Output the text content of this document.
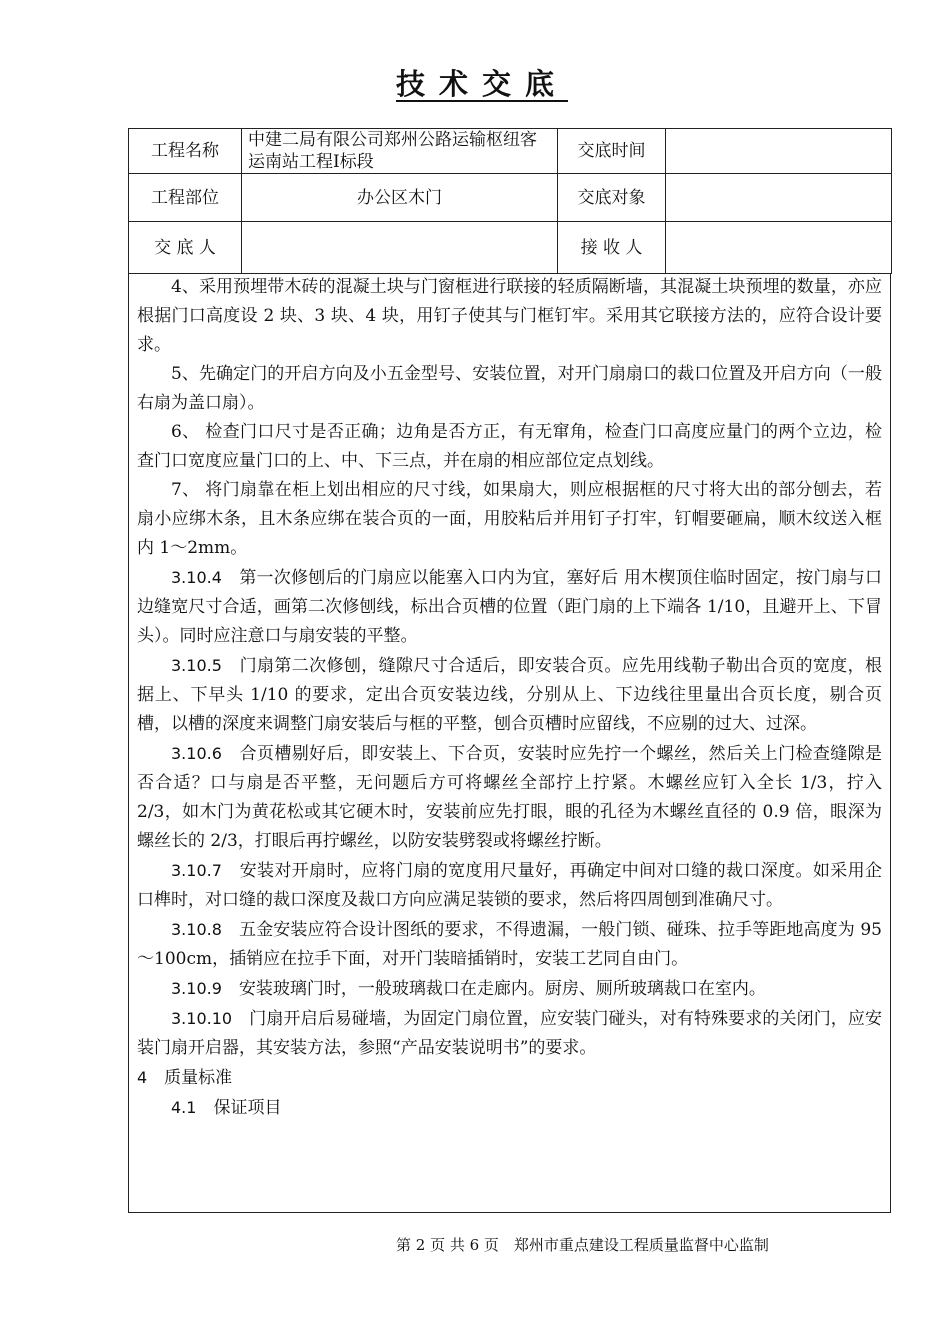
技术交底
工程名称	中建二局有限公司郑州公路运输枢纽客运南站工程Ⅰ标段	交底时间	
工程部位	办公区木门	交底对象	
交 底 人		接 收 人	

4、采用预埋带木砖的混凝土块与门窗框进行联接的轻质隔断墙，其混凝土块预埋的数量，亦应根据门口高度设 2 块、3 块、4 块，用钉子使其与门框钉牢。采用其它联接方法的，应符合设计要求。

5、先确定门的开启方向及小五金型号、安装位置，对开门扇扇口的裁口位置及开启方向（一般右扇为盖口扇）。

6、 检查门口尺寸是否正确；边角是否方正，有无窜角，检查门口高度应量门的两个立边，检查门口宽度应量门口的上、中、下三点，并在扇的相应部位定点划线。

7、 将门扇靠在柜上划出相应的尺寸线，如果扇大，则应根据框的尺寸将大出的部分刨去，若扇小应绑木条，且木条应绑在装合页的一面，用胶粘后并用钉子打牢，钉帽要砸扁，顺木纹送入框内 1～2mm。

3.10.4　第一次修刨后的门扇应以能塞入口内为宜，塞好后 用木楔顶住临时固定，按门扇与口边缝宽尺寸合适，画第二次修刨线，标出合页槽的位置（距门扇的上下端各 1/10，且避开上、下冒头）。同时应注意口与扇安装的平整。

3.10.5　门扇第二次修刨，缝隙尺寸合适后，即安装合页。应先用线勒子勒出合页的宽度，根据上、下早头 1/10 的要求，定出合页安装边线，分别从上、下边线往里量出合页长度，剔合页槽，以槽的深度来调整门扇安装后与框的平整，刨合页槽时应留线，不应剔的过大、过深。

3.10.6　合页槽剔好后，即安装上、下合页，安装时应先拧一个螺丝，然后关上门检查缝隙是否合适？口与扇是否平整，无问题后方可将螺丝全部拧上拧紧。木螺丝应钉入全长 1/3，拧入 2/3，如木门为黄花松或其它硬木时，安装前应先打眼，眼的孔径为木螺丝直径的 0.9 倍，眼深为螺丝长的 2/3，打眼后再拧螺丝，以防安装劈裂或将螺丝拧断。

3.10.7　安装对开扇时，应将门扇的宽度用尺量好，再确定中间对口缝的裁口深度。如采用企口榫时，对口缝的裁口深度及裁口方向应满足装锁的要求，然后将四周刨到准确尺寸。

3.10.8　五金安装应符合设计图纸的要求，不得遗漏，一般门锁、碰珠、拉手等距地高度为 95～100cm，插销应在拉手下面，对开门装暗插销时，安装工艺同自由门。

3.10.9　安装玻璃门时，一般玻璃裁口在走廊内。厨房、厕所玻璃裁口在室内。

3.10.10　门扇开启后易碰墙，为固定门扇位置，应安装门碰头，对有特殊要求的关闭门，应安装门扇开启器，其安装方法，参照“产品安装说明书”的要求。

4　质量标准

4.1　保证项目

第 2 页 共 6 页　郑州市重点建设工程质量监督中心监制
